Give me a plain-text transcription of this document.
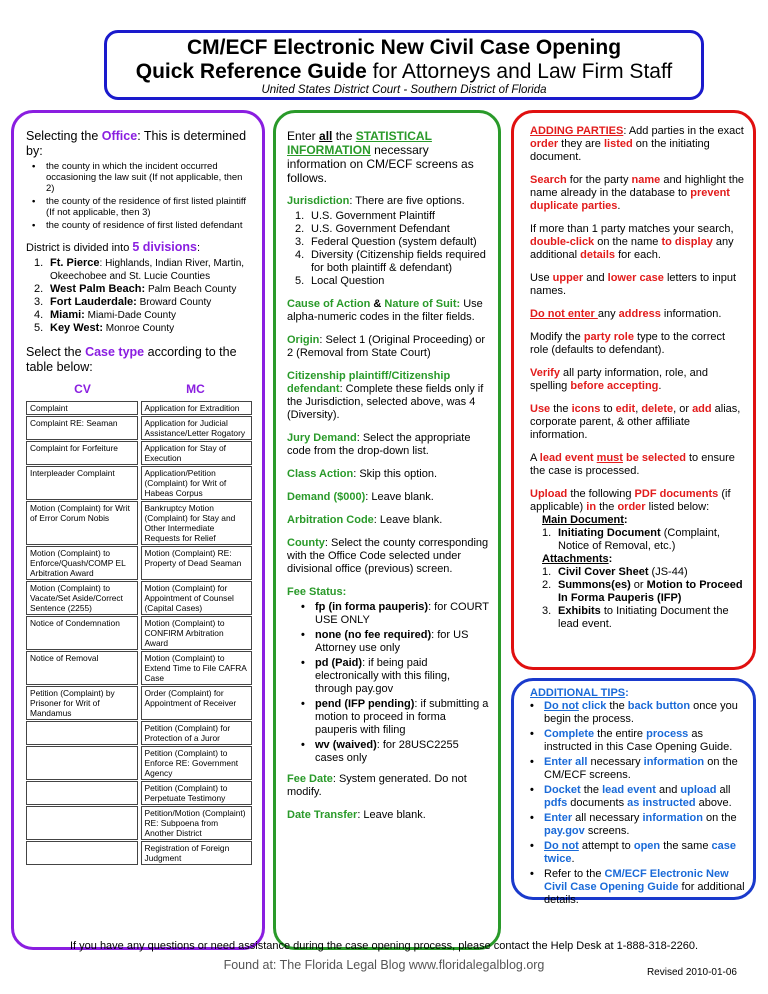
CM/ECF Electronic New Civil Case Opening
Quick Reference Guide for Attorneys and Law Firm Staff
United States District Court - Southern District of Florida
Selecting the Office: This is determined by:
• the county in which the incident occurred occasioning the law suit (If not applicable, then 2)
• the county of the residence of first listed plaintiff (If not applicable, then 3)
• the county of residence of first listed defendant
District is divided into 5 divisions:
1. Ft. Pierce: Highlands, Indian River, Martin, Okeechobee and St. Lucie Counties
2. West Palm Beach: Palm Beach County
3. Fort Lauderdale: Broward County
4. Miami: Miami-Dade County
5. Key West: Monroe County
Select the Case type according to the table below:
CV	MC
Complaint	Application for Extradition
Complaint RE: Seaman	Application for Judicial Assistance/Letter Rogatory
Complaint for Forfeiture	Application for Stay of Execution
Interpleader Complaint	Application/Petition (Complaint) for Writ of Habeas Corpus
Motion (Complaint) for Writ of Error Corum Nobis	Bankruptcy Motion (Complaint) for Stay and Other Intermediate Requests for Relief
Motion (Complaint) to Enforce/Quash/COMP EL Arbitration Award	Motion (Complaint) RE: Property of Dead Seaman
Motion (Complaint) to Vacate/Set Aside/Correct Sentence (2255)	Motion (Complaint) for Appointment of Counsel (Capital Cases)
Notice of Condemnation	Motion (Complaint) to CONFIRM Arbitration Award
Notice of Removal	Motion (Complaint) to Extend Time to File CAFRA Case
Petition (Complaint) by Prisoner for Writ of Mandamus	Order (Complaint) for Appointment of Receiver
	Petition (Complaint) for Protection of a Juror
	Petition (Complaint) to Enforce RE: Government Agency
	Petition (Complaint) to Perpetuate Testimony
	Petition/Motion (Complaint) RE: Subpoena from Another District
	Registration of Foreign Judgment

Enter all the STATISTICAL INFORMATION necessary information on CM/ECF screens as follows.

Jurisdiction: There are five options.
1. U.S. Government Plaintiff
2. U.S. Government Defendant
3. Federal Question (system default)
4. Diversity (Citizenship fields required for both plaintiff & defendant)
5. Local Question

Cause of Action & Nature of Suit: Use alpha-numeric codes in the filter fields.

Origin: Select 1 (Original Proceeding) or 2 (Removal from State Court)

Citizenship plaintiff/Citizenship defendant: Complete these fields only if the Jurisdiction, selected above, was 4 (Diversity).

Jury Demand: Select the appropriate code from the drop-down list.

Class Action: Skip this option.

Demand ($000): Leave blank.

Arbitration Code: Leave blank.

County: Select the county corresponding with the Office Code selected under divisional office (previous) screen.

Fee Status:
• fp (in forma pauperis): for COURT USE ONLY
• none (no fee required): for US Attorney use only
• pd (Paid): if being paid electronically with this filing, through pay.gov
• pend (IFP pending): if submitting a motion to proceed in forma pauperis with filing
• wv (waived): for 28USC2255 cases only

Fee Date: System generated. Do not modify.

Date Transfer: Leave blank.

ADDING PARTIES: Add parties in the exact order they are listed on the initiating document.

Search for the party name and highlight the name already in the database to prevent duplicate parties.

If more than 1 party matches your search, double-click on the name to display any additional details for each.

Use upper and lower case letters to input names.

Do not enter any address information.

Modify the party role type to the correct role (defaults to defendant).

Verify all party information, role, and spelling before accepting.

Use the icons to edit, delete, or add alias, corporate parent, & other affiliate information.

A lead event must be selected to ensure the case is processed.

Upload the following PDF documents (if applicable) in the order listed below:
Main Document:
1. Initiating Document (Complaint, Notice of Removal, etc.)
Attachments:
1. Civil Cover Sheet (JS-44)
2. Summons(es) or Motion to Proceed In Forma Pauperis (IFP)
3. Exhibits to Initiating Document the lead event.
ADDITIONAL TIPS:
• Do not click the back button once you begin the process.
• Complete the entire process as instructed in this Case Opening Guide.
• Enter all necessary information on the CM/ECF screens.
• Docket the lead event and upload all pdfs documents as instructed above.
• Enter all necessary information on the pay.gov screens.
• Do not attempt to open the same case twice.
• Refer to the CM/ECF Electronic New Civil Case Opening Guide for additional details.
If you have any questions or need assistance during the case opening process, please contact the Help Desk at 1-888-318-2260.
Found at: The Florida Legal Blog www.floridalegalblog.org
Revised 2010-01-06
